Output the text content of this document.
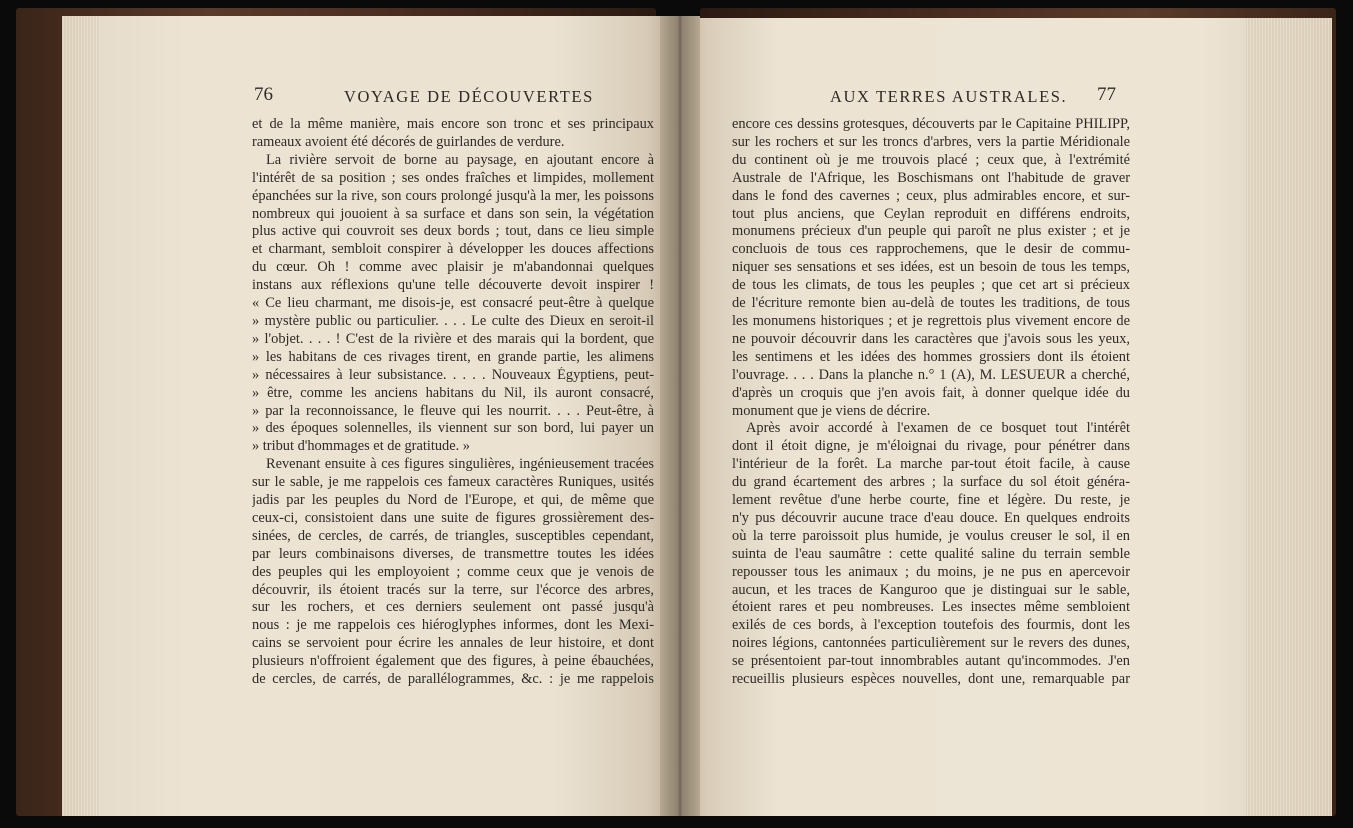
76	VOYAGE DE DÉCOUVERTES	AUX TERRES AUSTRALES. 77
et de la même manière, mais encore son tronc et ses principaux
rameaux avoient été décorés de guirlandes de verdure.
La rivière servoit de borne au paysage, en ajoutant encore à
l'intérêt de sa position ; ses ondes fraîches et limpides, mollement
épanchées sur la rive, son cours prolongé jusqu'à la mer, les poissons
nombreux qui jouoient à sa surface et dans son sein, la végétation
plus active qui couvroit ses deux bords ; tout, dans ce lieu simple
et charmant, sembloit conspirer à développer les douces affections
du cœur. Oh ! comme avec plaisir je m'abandonnai quelques
instans aux réflexions qu'une telle découverte devoit inspirer !
« Ce lieu charmant, me disois-je, est consacré peut-être à quelque
» mystère public ou particulier. . . . Le culte des Dieux en seroit-il
» l'objet. . . . ! C'est de la rivière et des marais qui la bordent, que
» les habitans de ces rivages tirent, en grande partie, les alimens
» nécessaires à leur subsistance. . . . . Nouveaux Égyptiens, peut-
» être, comme les anciens habitans du Nil, ils auront consacré,
» par la reconnoissance, le fleuve qui les nourrit. . . . Peut-être, à
» des époques solennelles, ils viennent sur son bord, lui payer un
» tribut d'hommages et de gratitude. »
Revenant ensuite à ces figures singulières, ingénieusement tracées
sur le sable, je me rappelois ces fameux caractères Runiques, usités
jadis par les peuples du Nord de l'Europe, et qui, de même que
ceux-ci, consistoient dans une suite de figures grossièrement des-
sinées, de cercles, de carrés, de triangles, susceptibles cependant,
par leurs combinaisons diverses, de transmettre toutes les idées
des peuples qui les employoient ; comme ceux que je venois de
découvrir, ils étoient tracés sur la terre, sur l'écorce des arbres,
sur les rochers, et ces derniers seulement ont passé jusqu'à
nous : je me rappelois ces hiéroglyphes informes, dont les Mexi-
cains se servoient pour écrire les annales de leur histoire, et dont
plusieurs n'offroient également que des figures, à peine ébauchées,
de cercles, de carrés, de parallélogrammes, &c. : je me rappelois
encore ces dessins grotesques, découverts par le Capitaine PHILIPP,
sur les rochers et sur les troncs d'arbres, vers la partie Méridionale
du continent où je me trouvois placé ; ceux que, à l'extrémité
Australe de l'Afrique, les Boschismans ont l'habitude de graver
dans le fond des cavernes ; ceux, plus admirables encore, et sur-
tout plus anciens, que Ceylan reproduit en différens endroits,
monumens précieux d'un peuple qui paroît ne plus exister ; et je
concluois de tous ces rapprochemens, que le desir de commu-
niquer ses sensations et ses idées, est un besoin de tous les temps,
de tous les climats, de tous les peuples ; que cet art si précieux
de l'écriture remonte bien au-delà de toutes les traditions, de tous
les monumens historiques ; et je regrettois plus vivement encore de
ne pouvoir découvrir dans les caractères que j'avois sous les yeux,
les sentimens et les idées des hommes grossiers dont ils étoient
l'ouvrage. . . . Dans la planche n.° 1 (A), M. LESUEUR a cherché,
d'après un croquis que j'en avois fait, à donner quelque idée du
monument que je viens de décrire.
Après avoir accordé à l'examen de ce bosquet tout l'intérêt
dont il étoit digne, je m'éloignai du rivage, pour pénétrer dans
l'intérieur de la forêt. La marche par-tout étoit facile, à cause
du grand écartement des arbres ; la surface du sol étoit généra-
lement revêtue d'une herbe courte, fine et légère. Du reste, je
n'y pus découvrir aucune trace d'eau douce. En quelques endroits
où la terre paroissoit plus humide, je voulus creuser le sol, il en
suinta de l'eau saumâtre : cette qualité saline du terrain semble
repousser tous les animaux ; du moins, je ne pus en apercevoir
aucun, et les traces de Kanguroo que je distinguai sur le sable,
étoient rares et peu nombreuses. Les insectes même sembloient
exilés de ces bords, à l'exception toutefois des fourmis, dont les
noires légions, cantonnées particulièrement sur le revers des dunes,
se présentoient par-tout innombrables autant qu'incommodes. J'en
recueillis plusieurs espèces nouvelles, dont une, remarquable par
